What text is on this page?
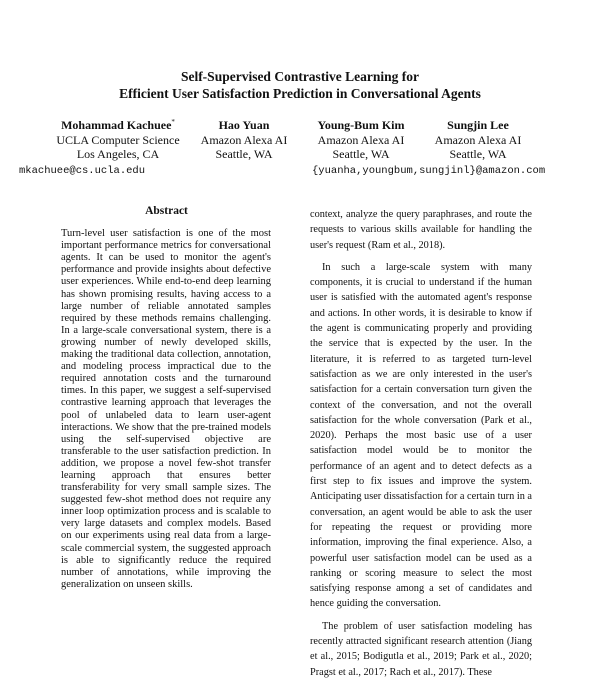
Self-Supervised Contrastive Learning for
Efficient User Satisfaction Prediction in Conversational Agents
Mohammad Kachuee*
UCLA Computer Science
Los Angeles, CA
Hao Yuan
Amazon Alexa AI
Seattle, WA
Young-Bum Kim
Amazon Alexa AI
Seattle, WA
Sungjin Lee
Amazon Alexa AI
Seattle, WA
mkachuee@cs.ucla.edu	{yuanha,youngbum,sungjinl}@amazon.com
Abstract
Turn-level user satisfaction is one of the most important performance metrics for conversational agents. It can be used to monitor the agent's performance and provide insights about defective user experiences. While end-to-end deep learning has shown promising results, having access to a large number of reliable annotated samples required by these methods remains challenging. In a large-scale conversational system, there is a growing number of newly developed skills, making the traditional data collection, annotation, and modeling process impractical due to the required annotation costs and the turnaround times. In this paper, we suggest a self-supervised contrastive learning approach that leverages the pool of unlabeled data to learn user-agent interactions. We show that the pre-trained models using the self-supervised objective are transferable to the user satisfaction prediction. In addition, we propose a novel few-shot transfer learning approach that ensures better transferability for very small sample sizes. The suggested few-shot method does not require any inner loop optimization process and is scalable to very large datasets and complex models. Based on our experiments using real data from a large-scale commercial system, the suggested approach is able to significantly reduce the required number of annotations, while improving the generalization on unseen skills.

context, analyze the query paraphrases, and route the requests to various skills available for handling the user's request (Ram et al., 2018).

In such a large-scale system with many components, it is crucial to understand if the human user is satisfied with the automated agent's response and actions. In other words, it is desirable to know if the agent is communicating properly and providing the service that is expected by the user. In the literature, it is referred to as targeted turn-level satisfaction as we are only interested in the user's satisfaction for a certain conversation turn given the context of the conversation, and not the overall satisfaction for the whole conversation (Park et al., 2020). Perhaps the most basic use of a user satisfaction model would be to monitor the performance of an agent and to detect defects as a first step to fix issues and improve the system. Anticipating user dissatisfaction for a certain turn in a conversation, an agent would be able to ask the user for repeating the request or providing more information, improving the final experience. Also, a powerful user satisfaction model can be used as a ranking or scoring measure to select the most satisfying response among a set of candidates and hence guiding the conversation.

The problem of user satisfaction modeling has recently attracted significant research attention (Jiang et al., 2015; Bodigutla et al., 2019; Park et al., 2020; Pragst et al., 2017; Rach et al., 2017). These
